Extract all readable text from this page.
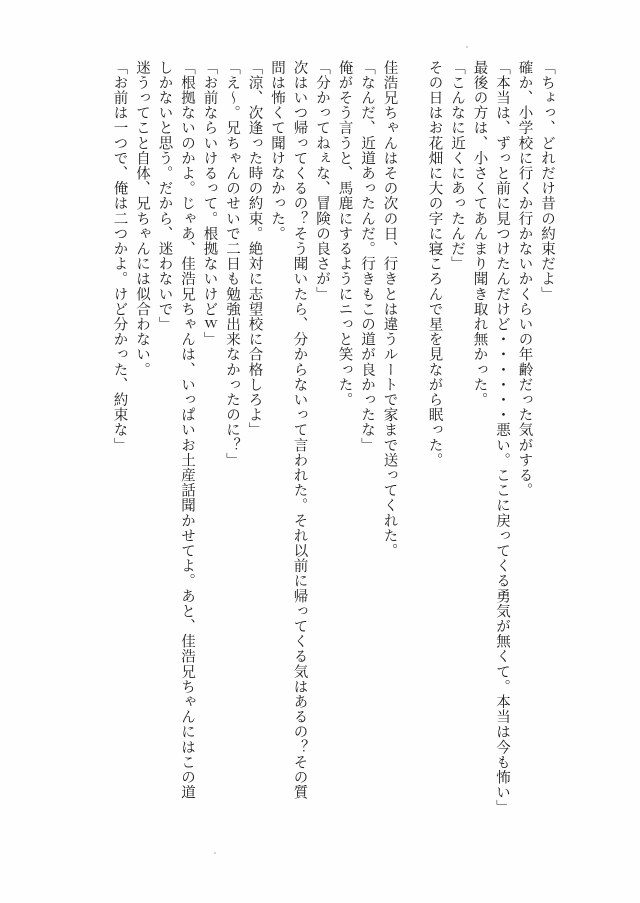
「ちょっ、どれだけ昔の約束だよ」
確か、小学校に行くか行かないかくらいの年齢だった気がする。
「本当は、ずっと前に見つけたんだけど・・・・・・悪い。ここに戻ってくる勇気が無くて。本当は今も怖い」
最後の方は、小さくてあんまり聞き取れ無かった。
「こんなに近くにあったんだ」
その日はお花畑に大の字に寝ころんで星を見ながら眠った。
佳浩兄ちゃんはその次の日、行きとは違うルートで家まで送ってくれた。
「なんだ、近道あったんだ。行きもこの道が良かったな」
俺がそう言うと、馬鹿にするようにニっと笑った。
「分かってねぇな、冒険の良さが」
次はいつ帰ってくるの？そう聞いたら、分からないって言われた。それ以前に帰ってくる気はあるの？その質
問は怖くて聞けなかった。
「涼、次逢った時の約束。絶対に志望校に合格しろよ」
「え～。兄ちゃんのせいで二日も勉強出来なかったのに？」
「お前ならいけるって。根拠ないけどｗ」
「根拠ないのかよ。じゃあ、佳浩兄ちゃんは、いっぱいお土産話聞かせてよ。あと、佳浩兄ちゃんにはこの道
しかないと思う。だから、迷わないで」
迷うってこと自体、兄ちゃんには似合わない。
「お前は一つで、俺は二つかよ。けど分かった、約束な」
